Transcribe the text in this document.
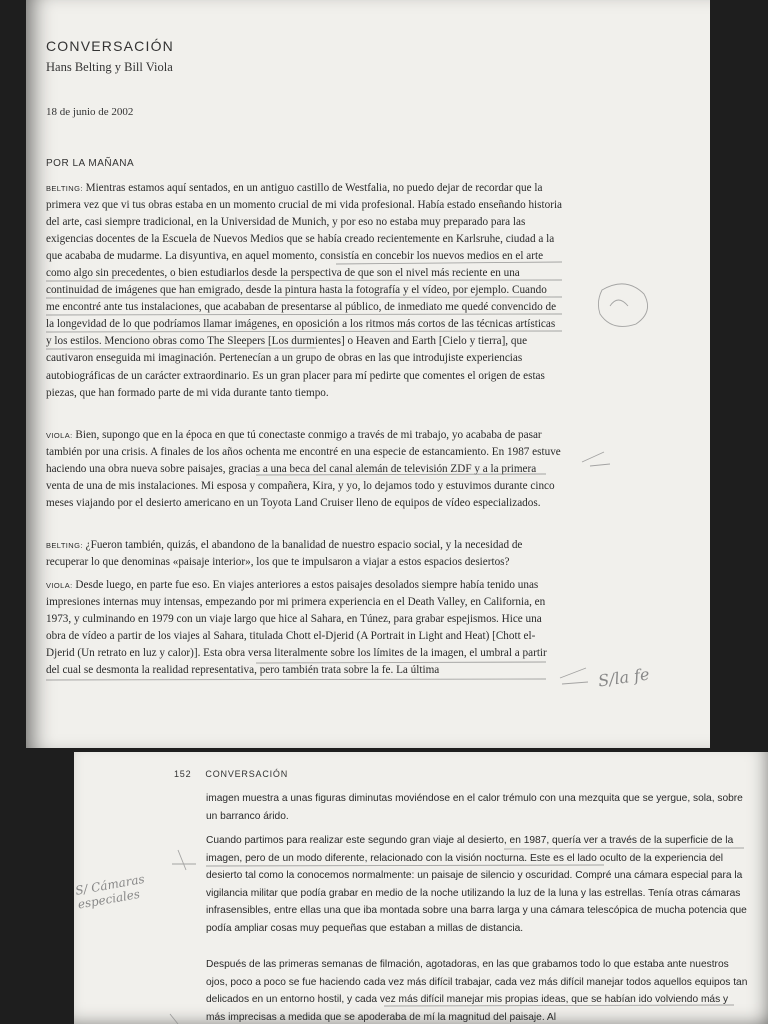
CONVERSACIÓN
Hans Belting y Bill Viola
18 de junio de 2002
POR LA MAÑANA

BELTING : Mientras estamos aquí sentados, en un antiguo castillo de Westfalia, no puedo dejar de recordar que la primera vez que vi tus obras estaba en un momento crucial de mi vida profesional. Había estado enseñando historia del arte, casi siempre tradicional, en la Universidad de Munich, y por eso no estaba muy preparado para las exigencias docentes de la Escuela de Nuevos Medios que se había creado recientemente en Karlsruhe, ciudad a la que acababa de mudarme. La disyuntiva, en aquel momento, consistía en concebir los nuevos medios en el arte como algo sin precedentes, o bien estudiarlos desde la perspectiva de que son el nivel más reciente en una continuidad de imágenes que han emigrado, desde la pintura hasta la fotografía y el vídeo, por ejemplo. Cuando me encontré ante tus instalaciones, que acababan de presentarse al público, de inmediato me quedé convencido de la longevidad de lo que podríamos llamar imágenes, en oposición a los ritmos más cortos de las técnicas artísticas y los estilos. Menciono obras como The Sleepers [Los durmientes] o Heaven and Earth [Cielo y tierra], que cautivaron enseguida mi imaginación. Pertenecían a un grupo de obras en las que introdujiste experiencias autobiográficas de un carácter extraordinario. Es un gran placer para mí pedirte que comentes el origen de estas piezas, que han formado parte de mi vida durante tanto tiempo.

VIOLA : Bien, supongo que en la época en que tú conectaste conmigo a través de mi trabajo, yo acababa de pasar también por una crisis. A finales de los años ochenta me encontré en una especie de estancamiento. En 1987 estuve haciendo una obra nueva sobre paisajes, gracias a una beca del canal alemán de televisión ZDF y a la primera venta de una de mis instalaciones. Mi esposa y compañera, Kira, y yo, lo dejamos todo y estuvimos durante cinco meses viajando por el desierto americano en un Toyota Land Cruiser lleno de equipos de vídeo especializados.

BELTING : ¿Fueron también, quizás, el abandono de la banalidad de nuestro espacio social, y la necesidad de recuperar lo que denominas «paisaje interior», los que te impulsaron a viajar a estos espacios desiertos?

VIOLA : Desde luego, en parte fue eso. En viajes anteriores a estos paisajes desolados siempre había tenido unas impresiones internas muy intensas, empezando por mi primera experiencia en el Death Valley, en California, en 1973, y culminando en 1979 con un viaje largo que hice al Sahara, en Túnez, para grabar espejismos. Hice una obra de vídeo a partir de los viajes al Sahara, titulada Chott el-Djerid (A Portrait in Light and Heat) [Chott el-Djerid (Un retrato en luz y calor)]. Esta obra versa literalmente sobre los límites de la imagen, el umbral a partir del cual se desmonta la realidad representativa, pero también trata sobre la fe. La última	S/la fe
152 CONVERSACIÓN

imagen muestra a unas figuras diminutas moviéndose en el calor trémulo con una mezquita que se yergue, sola, sobre un barranco árido.

Cuando partimos para realizar este segundo gran viaje al desierto, en 1987, quería ver a través de la superficie de la imagen, pero de un modo diferente, relacionado con la visión nocturna. Este es el lado oculto de la experiencia del desierto tal como la conocemos normalmente: un paisaje de silencio y oscuridad. Compré una cámara especial para la vigilancia militar que podía grabar en medio de la noche utilizando la luz de la luna y las estrellas. Tenía otras cámaras infrasensibles, entre ellas una que iba montada sobre una barra larga y una cámara telescópica de mucha potencia que podía ampliar cosas muy pequeñas que estaban a millas de distancia.

Después de las primeras semanas de filmación, agotadoras, en las que grabamos todo lo que estaba ante nuestros ojos, poco a poco se fue haciendo cada vez más difícil trabajar, cada vez más difícil manejar todos aquellos equipos tan delicados en un entorno hostil, y cada vez más difícil manejar mis propias ideas, que se habían ido volviendo más y más imprecisas a medida que se apoderaba de mí la magnitud del paisaje. Al

S/ Cámaras especiales
